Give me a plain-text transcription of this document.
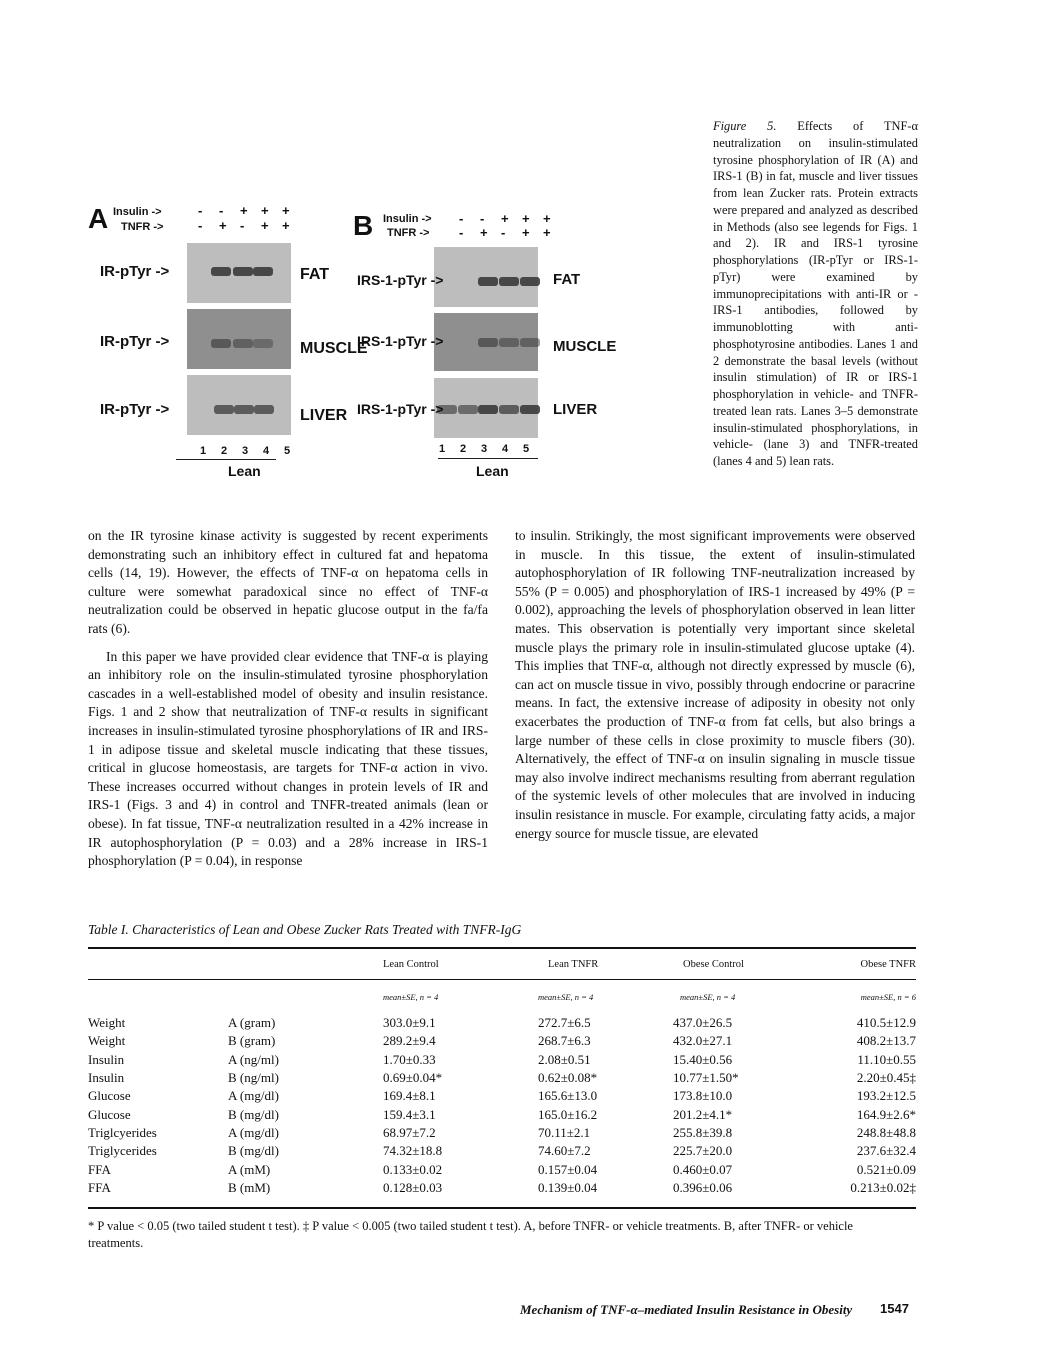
A Insulin ->
TNFR ->
IR-pTyr ->
IR-pTyr ->
IR-pTyr ->
FAT
MUSCLE
LIVER
Lean
-
-
1
-
+
2
+
-
3
+
+
4
+
+
5
B Insulin ->
TNFR ->
IRS-1-pTyr ->
IRS-1-pTyr ->
IRS-1-pTyr ->
FAT
MUSCLE
LIVER
Lean
-
-
1
-
+
2
+
-
3
+
+
4
+
+
5
Figure 5. Effects of TNF-α neutralization on insulin-stimulated tyrosine phosphorylation of IR (A) and IRS-1 (B) in fat, muscle and liver tissues from lean Zucker rats. Protein extracts were prepared and analyzed as described in Methods (also see legends for Figs. 1 and 2). IR and IRS-1 tyrosine phosphorylations (IR-pTyr or IRS-1-pTyr) were examined by immunoprecipitations with anti-IR or -IRS-1 antibodies, followed by immunoblotting with anti-phosphotyrosine antibodies. Lanes 1 and 2 demonstrate the basal levels (without insulin stimulation) of IR or IRS-1 phosphorylation in vehicle- and TNFR-treated lean rats. Lanes 3–5 demonstrate insulin-stimulated phosphorylations, in vehicle- (lane 3) and TNFR-treated (lanes 4 and 5) lean rats.

on the IR tyrosine kinase activity is suggested by recent experiments demonstrating such an inhibitory effect in cultured fat and hepatoma cells (14, 19). However, the effects of TNF-α on hepatoma cells in culture were somewhat paradoxical since no effect of TNF-α neutralization could be observed in hepatic glucose output in the fa/fa rats (6).

In this paper we have provided clear evidence that TNF-α is playing an inhibitory role on the insulin-stimulated tyrosine phosphorylation cascades in a well-established model of obesity and insulin resistance. Figs. 1 and 2 show that neutralization of TNF-α results in significant increases in insulin-stimulated tyrosine phosphorylations of IR and IRS-1 in adipose tissue and skeletal muscle indicating that these tissues, critical in glucose homeostasis, are targets for TNF-α action in vivo. These increases occurred without changes in protein levels of IR and IRS-1 (Figs. 3 and 4) in control and TNFR-treated animals (lean or obese). In fat tissue, TNF-α neutralization resulted in a 42% increase in IR autophosphorylation (P = 0.03) and a 28% increase in IRS-1 phosphorylation (P = 0.04), in response

to insulin. Strikingly, the most significant improvements were observed in muscle. In this tissue, the extent of insulin-stimulated autophosphorylation of IR following TNF-neutralization increased by 55% (P = 0.005) and phosphorylation of IRS-1 increased by 49% (P = 0.002), approaching the levels of phosphorylation observed in lean litter mates. This observation is potentially very important since skeletal muscle plays the primary role in insulin-stimulated glucose uptake (4). This implies that TNF-α, although not directly expressed by muscle (6), can act on muscle tissue in vivo, possibly through endocrine or paracrine means. In fact, the extensive increase of adiposity in obesity not only exacerbates the production of TNF-α from fat cells, but also brings a large number of these cells in close proximity to muscle fibers (30). Alternatively, the effect of TNF-α on insulin signaling in muscle tissue may also involve indirect mechanisms resulting from aberrant regulation of the systemic levels of other molecules that are involved in inducing insulin resistance in muscle. For example, circulating fatty acids, a major energy source for muscle tissue, are elevated

Table I. Characteristics of Lean and Obese Zucker Rats Treated with TNFR-IgG
		Lean Control	Lean TNFR	Obese Control	Obese TNFR
		mean±SE, n = 4	mean±SE, n = 4	mean±SE, n = 4	mean±SE, n = 6
Weight	A (gram)	303.0±9.1	272.7±6.5	437.0±26.5	410.5±12.9
Weight	B (gram)	289.2±9.4	268.7±6.3	432.0±27.1	408.2±13.7
Insulin	A (ng/ml)	1.70±0.33	2.08±0.51	15.40±0.56	11.10±0.55
Insulin	B (ng/ml)	0.69±0.04*	0.62±0.08*	10.77±1.50*	2.20±0.45‡
Glucose	A (mg/dl)	169.4±8.1	165.6±13.0	173.8±10.0	193.2±12.5
Glucose	B (mg/dl)	159.4±3.1	165.0±16.2	201.2±4.1*	164.9±2.6*
Triglcyerides	A (mg/dl)	68.97±7.2	70.11±2.1	255.8±39.8	248.8±48.8
Triglycerides	B (mg/dl)	74.32±18.8	74.60±7.2	225.7±20.0	237.6±32.4
FFA	A (mM)	0.133±0.02	0.157±0.04	0.460±0.07	0.521±0.09
FFA	B (mM)	0.128±0.03	0.139±0.04	0.396±0.06	0.213±0.02‡
* P value < 0.05 (two tailed student t test). ‡ P value < 0.005 (two tailed student t test). A, before TNFR- or vehicle treatments. B, after TNFR- or vehicle treatments.
Mechanism of TNF-α–mediated Insulin Resistance in Obesity 1547
